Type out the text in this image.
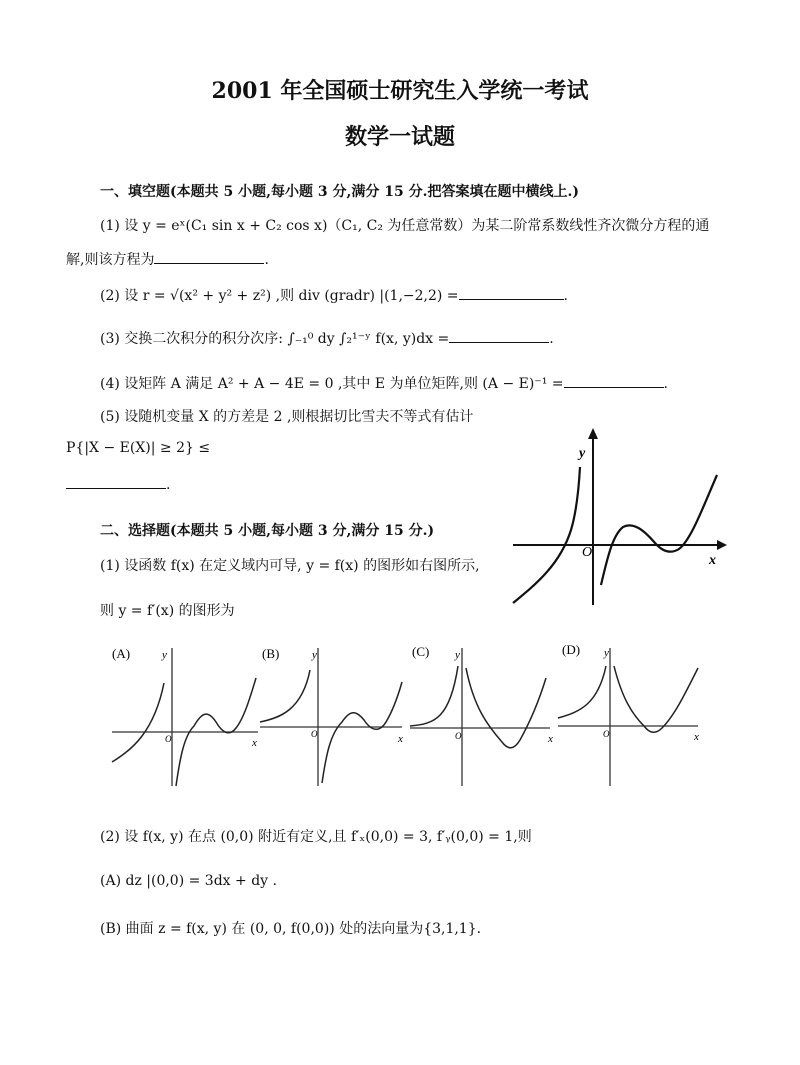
2001 年全国硕士研究生入学统一考试
数学一试题
一、填空题(本题共 5 小题,每小题 3 分,满分 15 分.把答案填在题中横线上.)
(1) 设 y = eˣ(C₁ sin x + C₂ cos x)（C₁, C₂ 为任意常数）为某二阶常系数线性齐次微分方程的通
解,则该方程为	.
(2) 设 r = √(x² + y² + z²) ,则 div (gradr) |(1,−2,2) =	.
(3) 交换二次积分的积分次序: ∫₋₁⁰ dy ∫₂¹⁻ʸ f(x, y)dx =	.
(4) 设矩阵 A 满足 A² + A − 4E = 0 ,其中 E 为单位矩阵,则 (A − E)⁻¹ =	.
(5) 设随机变量 X 的方差是 2 ,则根据切比雪夫不等式有估计
P{|X − E(X)| ≥ 2} ≤
.
y
O
x
二、选择题(本题共 5 小题,每小题 3 分,满分 15 分.)
(1) 设函数 f(x) 在定义域内可导, y = f(x) 的图形如右图所示,
则 y = f′(x) 的图形为
(A)	y
O	x
(B)	y
O	x
(C) y
O	x
(D) y
O	x
(2) 设 f(x, y) 在点 (0,0) 附近有定义,且 f′ₓ(0,0) = 3, f′ᵧ(0,0) = 1,则
(A) dz |(0,0) = 3dx + dy .
(B) 曲面 z = f(x, y) 在 (0, 0, f(0,0)) 处的法向量为{3,1,1}.
